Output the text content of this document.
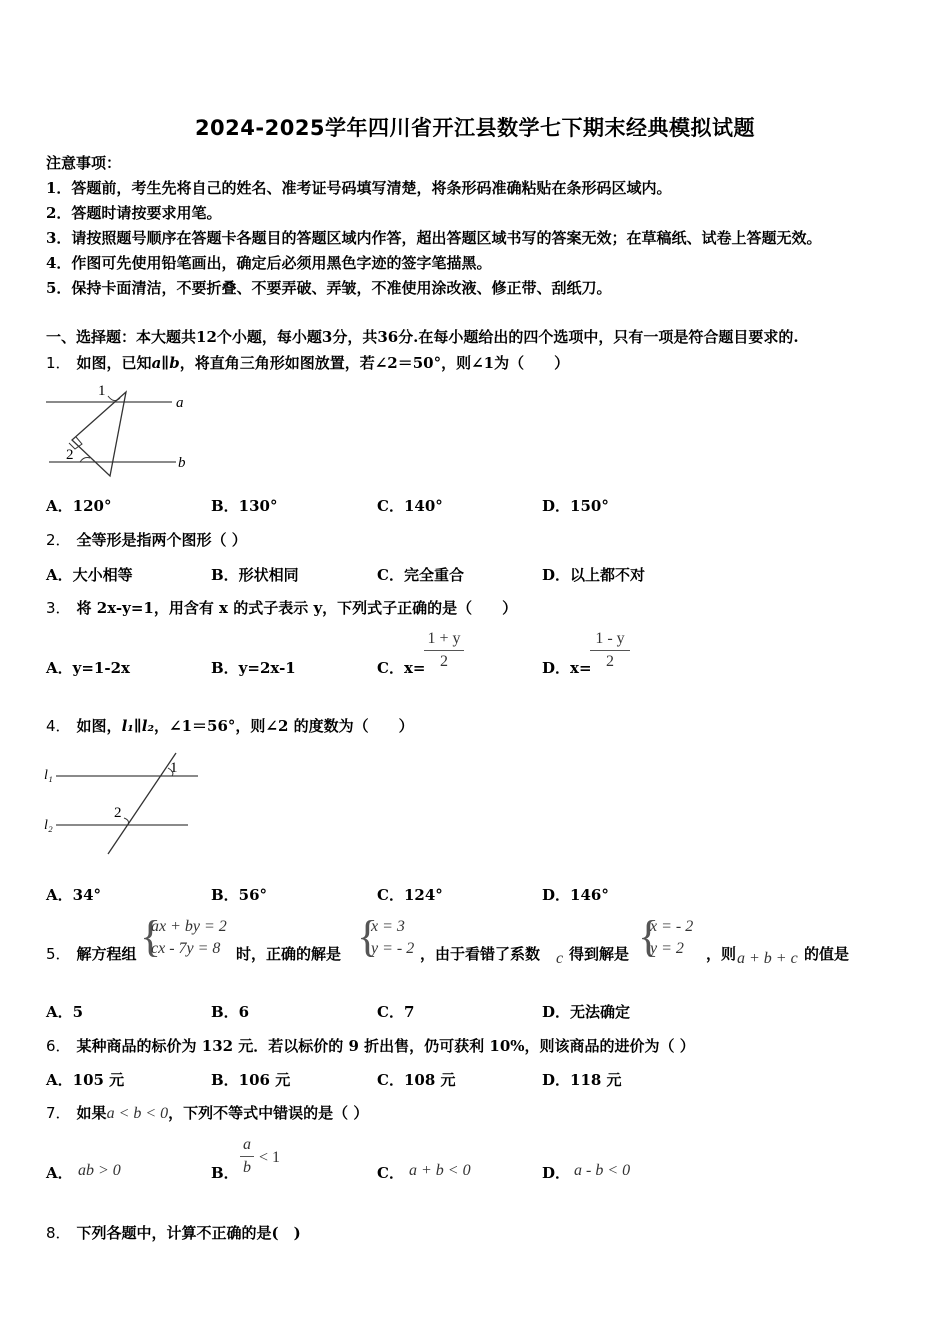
2024-2025学年四川省开江县数学七下期末经典模拟试题
注意事项：
1．答题前，考生先将自己的姓名、准考证号码填写清楚，将条形码准确粘贴在条形码区域内。
2．答题时请按要求用笔。
3．请按照题号顺序在答题卡各题目的答题区域内作答，超出答题区域书写的答案无效；在草稿纸、试卷上答题无效。
4．作图可先使用铅笔画出，确定后必须用黑色字迹的签字笔描黑。
5．保持卡面清洁，不要折叠、不要弄破、弄皱，不准使用涂改液、修正带、刮纸刀。
一、选择题：本大题共12个小题，每小题3分，共36分.在每小题给出的四个选项中，只有一项是符合题目要求的.
1． 如图，已知a∥b，将直角三角形如图放置，若∠2＝50°，则∠1为（　　）
1
2
a
b
A．120°	B．130°	C．140°	D．150°
2． 全等形是指两个图形（ ）
A．大小相等	B．形状相同	C．完全重合	D．以上都不对
3． 将 2x-y=1，用含有 x 的式子表示 y，下列式子正确的是（　　）
A．y=1-2x	B．y=2x-1	C．x=
1 + y
2	D．x=
1 - y
2
4． 如图，l₁∥l₂，∠1＝56°，则∠2 的度数为（　　）
l₁
l₂
1
2
A．34°	B．56°	C．124°	D．146°
5． 解方程组 {
ax + by = 2
cx - 7y = 8	时，正确的解是 {
x = 3
y = - 2 ，由于看错了系数 c 得到解是 {
x = - 2
y = 2	，则 a + b + c 的值是
A．5	B．6	C．7	D．无法确定
6． 某种商品的标价为 132 元．若以标价的 9 折出售，仍可获利 10%，则该商品的进价为（ ）
A．105 元	B．106 元	C．108 元	D．118 元
7． 如果a < b < 0，下列不等式中错误的是（ ）
A． ab > 0	B．
a
b
< 1
C． a + b < 0	D． a - b < 0
8． 下列各题中，计算不正确的是(　)
